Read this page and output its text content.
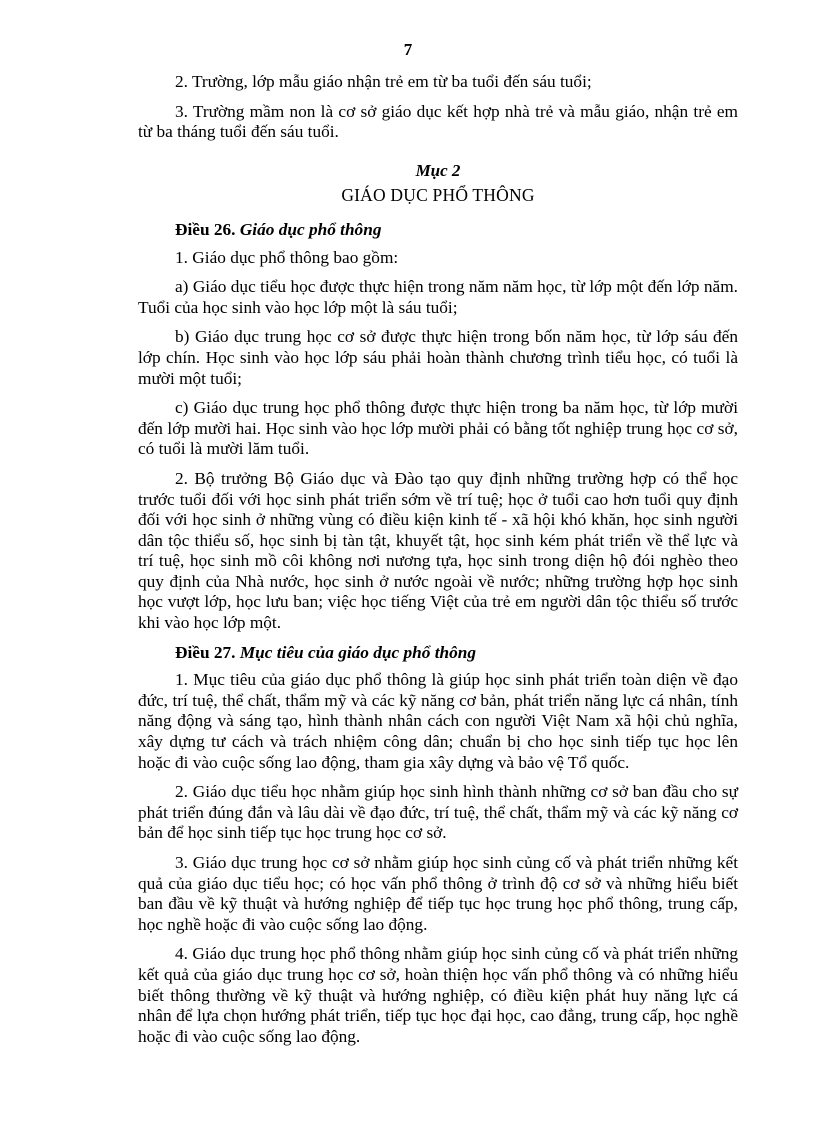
7

2. Trường, lớp mẫu giáo nhận trẻ em từ ba tuổi đến sáu tuổi;

3. Trường mầm non là cơ sở giáo dục kết hợp nhà trẻ và mẫu giáo, nhận trẻ em từ ba tháng tuổi đến sáu tuổi.

Mục 2
GIÁO DỤC PHỔ THÔNG
Điều 26. Giáo dục phổ thông

1. Giáo dục phổ thông bao gồm:

a) Giáo dục tiểu học được thực hiện trong năm năm học, từ lớp một đến lớp năm. Tuổi của học sinh vào học lớp một là sáu tuổi;

b) Giáo dục trung học cơ sở được thực hiện trong bốn năm học, từ lớp sáu đến lớp chín. Học sinh vào học lớp sáu phải hoàn thành chương trình tiểu học, có tuổi là mười một tuổi;

c) Giáo dục trung học phổ thông được thực hiện trong ba năm học, từ lớp mười đến lớp mười hai. Học sinh vào học lớp mười phải có bằng tốt nghiệp trung học cơ sở, có tuổi là mười lăm tuổi.

2. Bộ trưởng Bộ Giáo dục và Đào tạo quy định những trường hợp có thể học trước tuổi đối với học sinh phát triển sớm về trí tuệ; học ở tuổi cao hơn tuổi quy định đối với học sinh ở những vùng có điều kiện kinh tế - xã hội khó khăn, học sinh người dân tộc thiểu số, học sinh bị tàn tật, khuyết tật, học sinh kém phát triển về thể lực và trí tuệ, học sinh mồ côi không nơi nương tựa, học sinh trong diện hộ đói nghèo theo quy định của Nhà nước, học sinh ở nước ngoài về nước; những trường hợp học sinh học vượt lớp, học lưu ban; việc học tiếng Việt của trẻ em người dân tộc thiểu số trước khi vào học lớp một.

Điều 27. Mục tiêu của giáo dục phổ thông

1. Mục tiêu của giáo dục phổ thông là giúp học sinh phát triển toàn diện về đạo đức, trí tuệ, thể chất, thẩm mỹ và các kỹ năng cơ bản, phát triển năng lực cá nhân, tính năng động và sáng tạo, hình thành nhân cách con người Việt Nam xã hội chủ nghĩa, xây dựng tư cách và trách nhiệm công dân; chuẩn bị cho học sinh tiếp tục học lên hoặc đi vào cuộc sống lao động, tham gia xây dựng và bảo vệ Tổ quốc.

2. Giáo dục tiểu học nhằm giúp học sinh hình thành những cơ sở ban đầu cho sự phát triển đúng đắn và lâu dài về đạo đức, trí tuệ, thể chất, thẩm mỹ và các kỹ năng cơ bản để học sinh tiếp tục học trung học cơ sở.

3. Giáo dục trung học cơ sở nhằm giúp học sinh củng cố và phát triển những kết quả của giáo dục tiểu học; có học vấn phổ thông ở trình độ cơ sở và những hiểu biết ban đầu về kỹ thuật và hướng nghiệp để tiếp tục học trung học phổ thông, trung cấp, học nghề hoặc đi vào cuộc sống lao động.

4. Giáo dục trung học phổ thông nhằm giúp học sinh củng cố và phát triển những kết quả của giáo dục trung học cơ sở, hoàn thiện học vấn phổ thông và có những hiểu biết thông thường về kỹ thuật và hướng nghiệp, có điều kiện phát huy năng lực cá nhân để lựa chọn hướng phát triển, tiếp tục học đại học, cao đẳng, trung cấp, học nghề hoặc đi vào cuộc sống lao động.
